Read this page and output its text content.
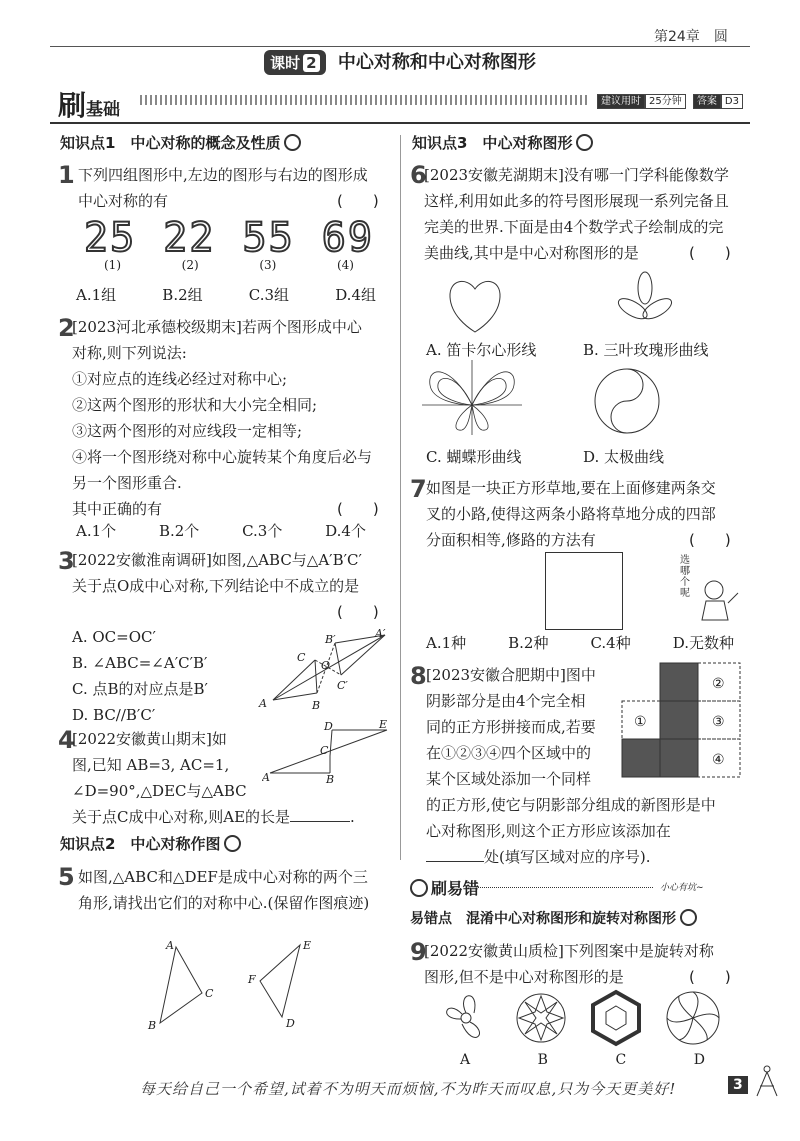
第24章　圆
课时 2 中心对称和中心对称图形
刷基础	建议用时 25分钟 答案 D3
知识点1　中心对称的概念及性质
1 下列四组图形中,左边的图形与右边的图形成
中心对称的有	(　　)
25 22 55 69
(1)	(2)	(3)	(4)
A.1组	B.2组	C.3组	D.4组
2
[2023河北承德校级期末]若两个图形成中心
对称,则下列说法:
①对应点的连线必经过对称中心;
②这两个图形的形状和大小完全相同;
③这两个图形的对应线段一定相等;
④将一个图形绕对称中心旋转某个角度后必与
另一个图形重合.
其中正确的有	(　　)
A.1个	B.2个	C.3个	D.4个
3
[2022安徽淮南调研]如图,△ABC与△A′B′C′
关于点O成中心对称,下列结论中不成立的是
(　　)
A. OC=OC′
B. ∠ABC=∠A′C′B′
C. 点B的对应点是B′
D. BC//B′C′
A	B
C
O
B′	A′
C′
4
[2022安徽黄山期末]如
图,已知 AB=3, AC=1,
∠D=90°,△DEC与△ABC
关于点C成中心对称,则AE的长是	.
A	B
C
D	E
知识点2　中心对称作图
5 如图,△ABC和△DEF是成中心对称的两个三
角形,请找出它们的对称中心.(保留作图痕迹)
A
B
C
E
F
D
知识点3　中心对称图形
6
[2023安徽芜湖期末]没有哪一门学科能像数学
这样,利用如此多的符号图形展现一系列完备且
完美的世界.下面是由4个数学式子绘制成的完
美曲线,其中是中心对称图形的是	(　　)
A. 笛卡尔心形线	B. 三叶玫瑰形曲线
C. 蝴蝶形曲线	D. 太极曲线
7 如图是一块正方形草地,要在上面修建两条交
叉的小路,使得这两条小路将草地分成的四部
分面积相等,修路的方法有	(　　)
选哪个呢
A.1种	B.2种	C.4种	D.无数种
8 [2023安徽合肥期中]图中
阴影部分是由4个完全相
同的正方形拼接而成,若要
在①②③④四个区域中的
某个区域处添加一个同样
的正方形,使它与阴影部分组成的新图形是中
心对称图形,则这个正方形应该添加在
处(填写区域对应的序号).
①
②
③
④
刷易错	小心有坑~
易错点　混淆中心对称图形和旋转对称图形
9
[2022安徽黄山质检]下列图案中是旋转对称
图形,但不是中心对称图形的是	(　　)
A	B	C	D
每天给自己一个希望,试着不为明天而烦恼,不为昨天而叹息,只为今天更美好!	3
